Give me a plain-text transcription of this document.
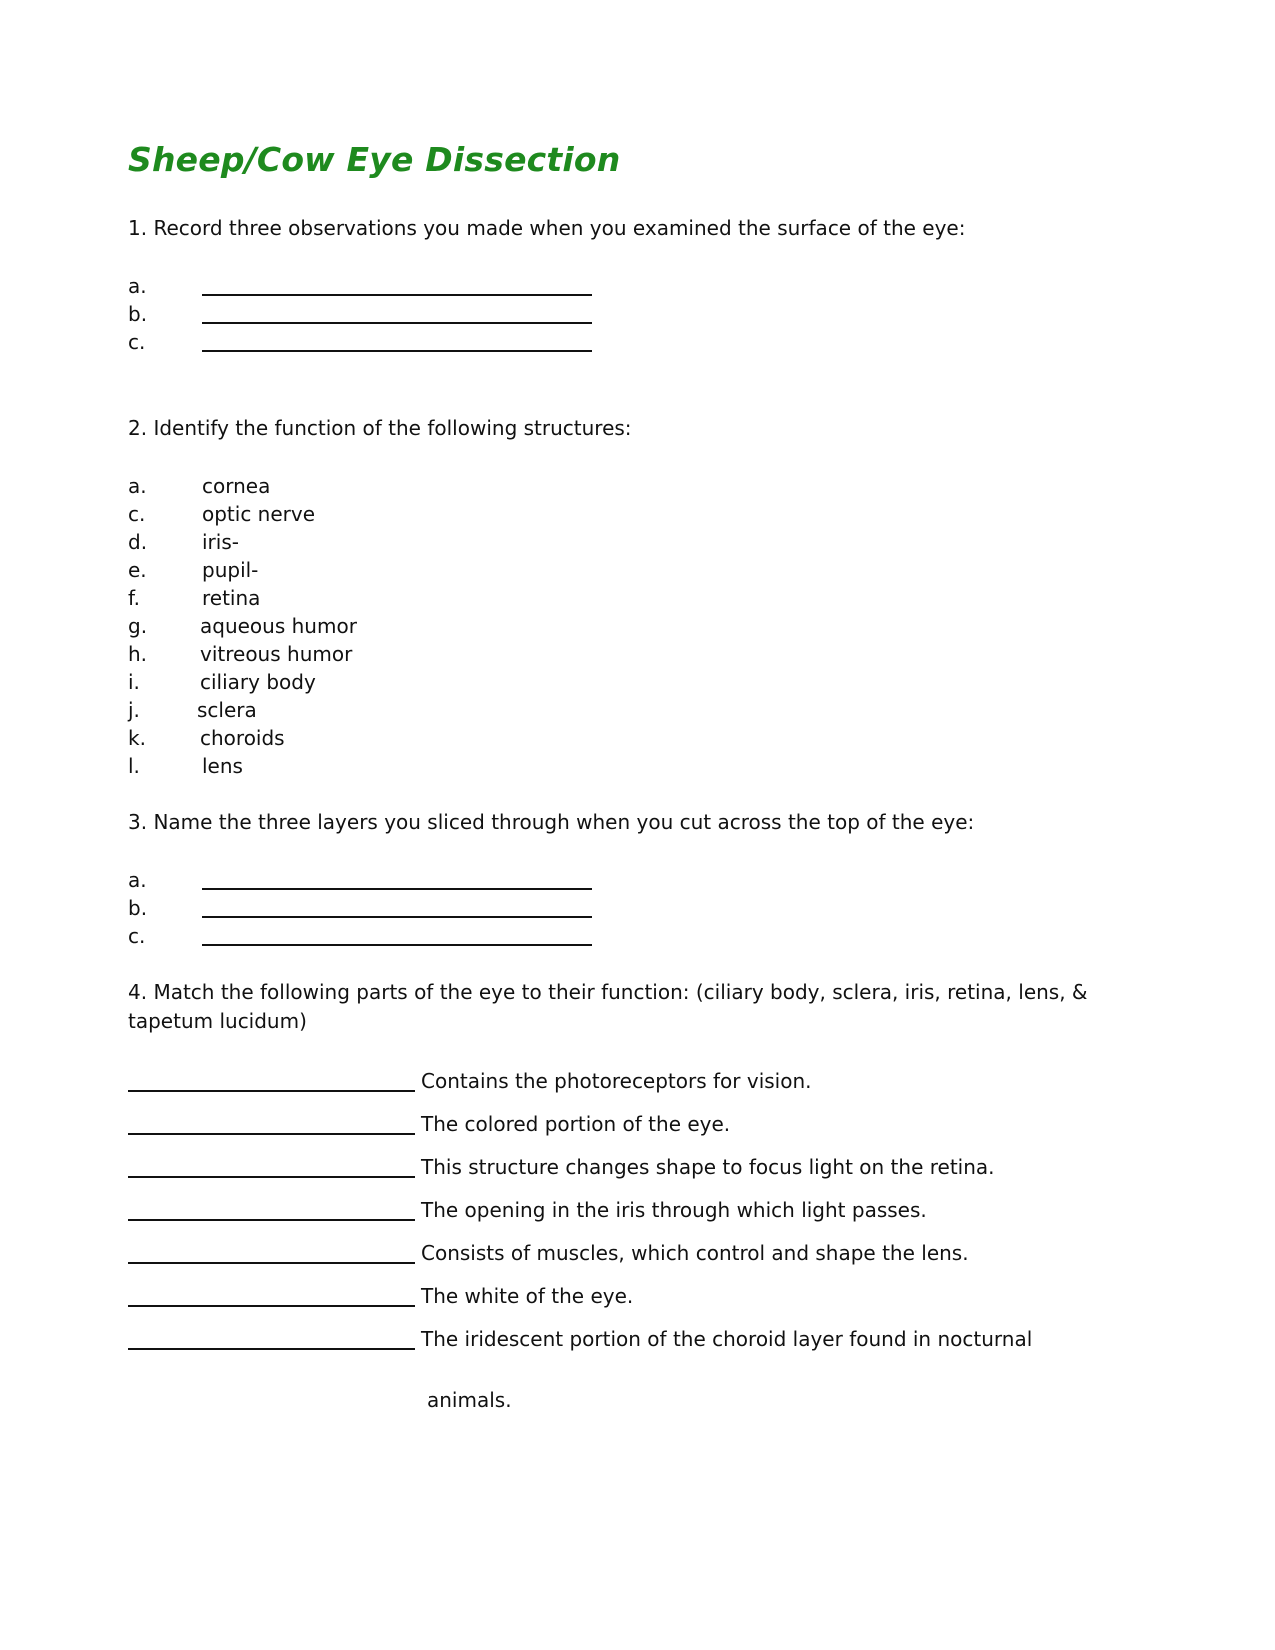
Sheep/Cow Eye Dissection

1. Record three observations you made when you examined the surface of the eye:

a.
b.
c.

2. Identify the function of the following structures:

a.	cornea
c.	optic nerve
d.	iris-
e.	pupil-
f.	retina
g.	aqueous humor
h.	vitreous humor
i.	ciliary body
j.	sclera
k.	choroids
l.	lens

3. Name the three layers you sliced through when you cut across the top of the eye:

a.
b.
c.

4. Match the following parts of the eye to their function: (ciliary body, sclera, iris, retina, lens, & tapetum lucidum)

Contains the photoreceptors for vision.
The colored portion of the eye.
This structure changes shape to focus light on the retina.
The opening in the iris through which light passes.
Consists of muscles, which control and shape the lens.
The white of the eye.
The iridescent portion of the choroid layer found in nocturnal
animals.
